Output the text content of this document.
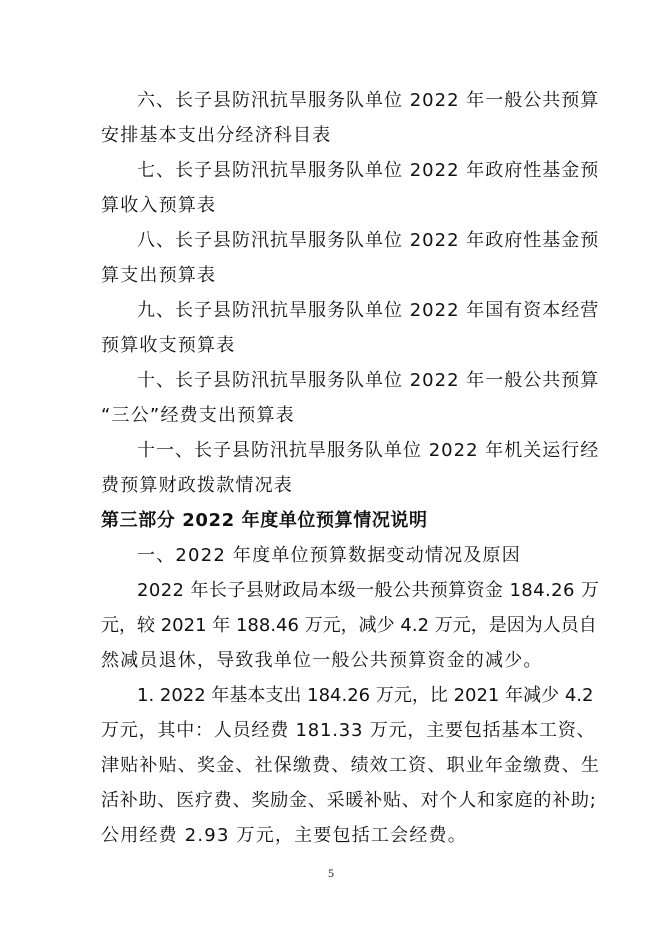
六、长子县防汛抗旱服务队单位 2022 年一般公共预算
安排基本支出分经济科目表
七、长子县防汛抗旱服务队单位 2022 年政府性基金预
算收入预算表
八、长子县防汛抗旱服务队单位 2022 年政府性基金预
算支出预算表
九、长子县防汛抗旱服务队单位 2022 年国有资本经营
预算收支预算表
十、长子县防汛抗旱服务队单位 2022 年一般公共预算
“三公”经费支出预算表
十一、长子县防汛抗旱服务队单位 2022 年机关运行经
费预算财政拨款情况表
第三部分 2022 年度单位预算情况说明
一、2022 年度单位预算数据变动情况及原因
2022 年长子县财政局本级一般公共预算资金 184.26 万
元，较 2021 年 188.46 万元，减少 4.2 万元，是因为人员自
然减员退休，导致我单位一般公共预算资金的减少。
1. 2022 年基本支出 184.26 万元，比 2021 年减少 4.2
万元，其中：人员经费 181.33 万元，主要包括基本工资、
津贴补贴、奖金、社保缴费、绩效工资、职业年金缴费、生
活补助、医疗费、奖励金、采暖补贴、对个人和家庭的补助;
公用经费 2.93 万元，主要包括工会经费。
5
